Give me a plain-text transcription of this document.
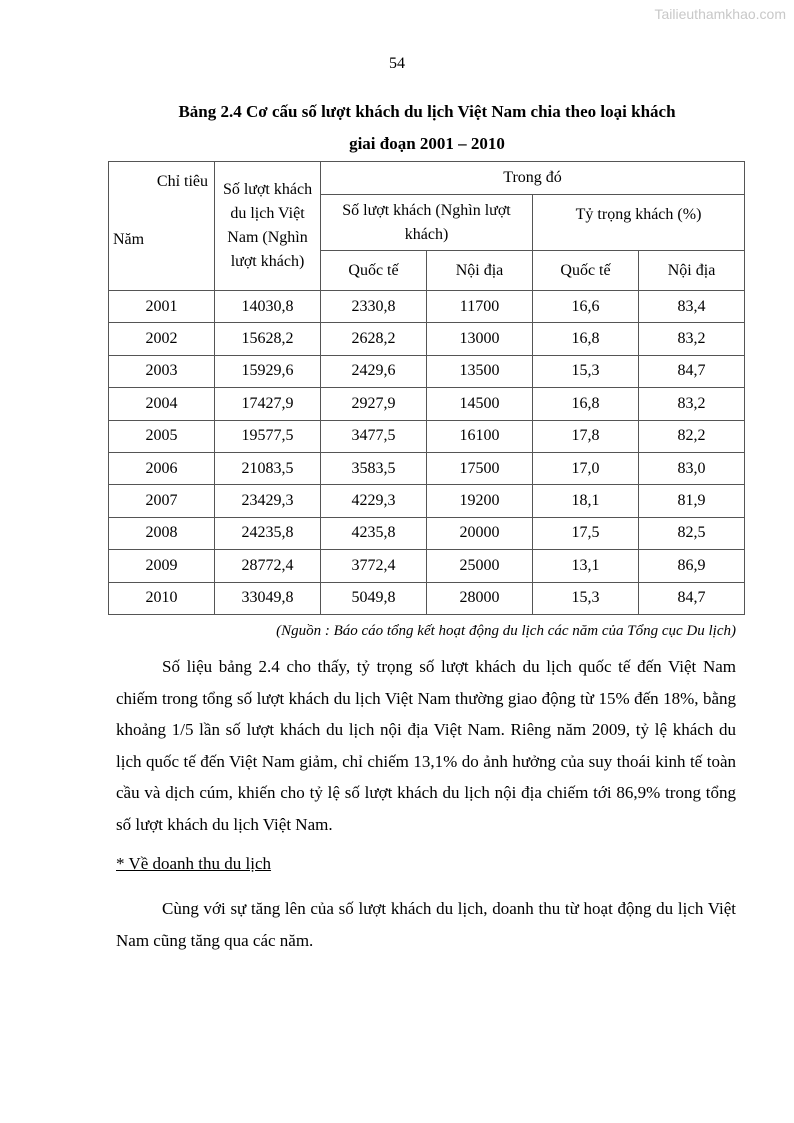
Tailieuthamkhao.com
54
Bảng 2.4 Cơ cấu số lượt khách du lịch Việt Nam chia theo loại khách
giai đoạn 2001 – 2010
Chỉ tiêu
Năm	Số lượt khách du lịch Việt Nam (Nghìn lượt khách)	Trong đó			
		Số lượt khách (Nghìn lượt khách)		Tỷ trọng khách (%)	
		Quốc tế	Nội địa	Quốc tế	Nội địa
2001	14030,8	2330,8	11700	16,6	83,4
2002	15628,2	2628,2	13000	16,8	83,2
2003	15929,6	2429,6	13500	15,3	84,7
2004	17427,9	2927,9	14500	16,8	83,2
2005	19577,5	3477,5	16100	17,8	82,2
2006	21083,5	3583,5	17500	17,0	83,0
2007	23429,3	4229,3	19200	18,1	81,9
2008	24235,8	4235,8	20000	17,5	82,5
2009	28772,4	3772,4	25000	13,1	86,9
2010	33049,8	5049,8	28000	15,3	84,7
(Nguồn : Báo cáo tổng kết hoạt động du lịch các năm của Tổng cục Du lịch)
Số liệu bảng 2.4 cho thấy, tỷ trọng số lượt khách du lịch quốc tế đến Việt Nam chiếm trong tổng số lượt khách du lịch Việt Nam thường giao động từ 15% đến 18%, bằng khoảng 1/5 lần số lượt khách du lịch nội địa Việt Nam. Riêng năm 2009, tỷ lệ khách du lịch quốc tế đến Việt Nam giảm, chỉ chiếm 13,1% do ảnh hưởng của suy thoái kinh tế toàn cầu và dịch cúm, khiến cho tỷ lệ số lượt khách du lịch nội địa chiếm tới 86,9% trong tổng số lượt khách du lịch Việt Nam.
* Về doanh thu du lịch
Cùng với sự tăng lên của số lượt khách du lịch, doanh thu từ hoạt động du lịch Việt Nam cũng tăng qua các năm.
